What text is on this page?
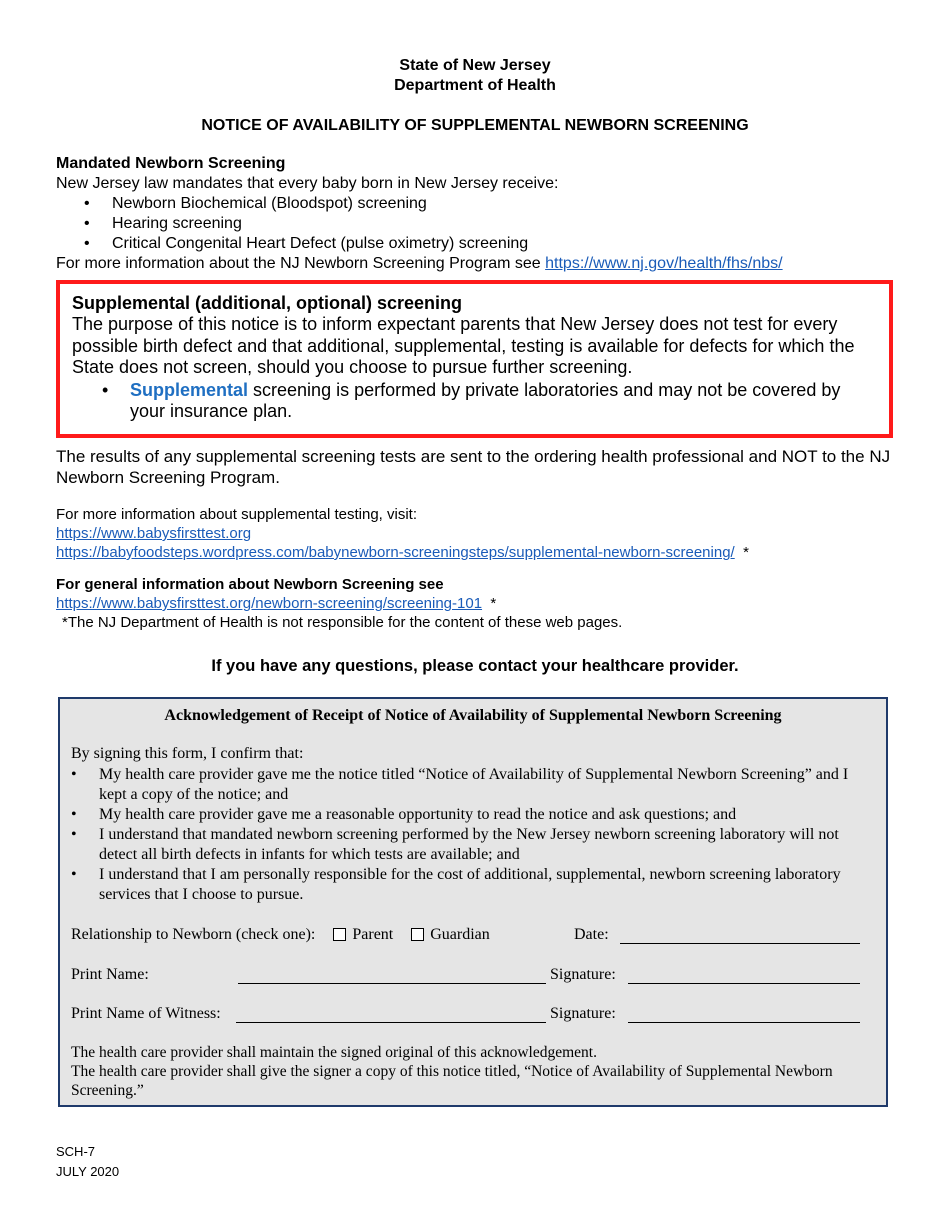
State of New Jersey
Department of Health
NOTICE OF AVAILABILITY OF SUPPLEMENTAL NEWBORN SCREENING
Mandated Newborn Screening
New Jersey law mandates that every baby born in New Jersey receive:
• Newborn Biochemical (Bloodspot) screening
• Hearing screening
• Critical Congenital Heart Defect (pulse oximetry) screening
For more information about the NJ Newborn Screening Program see https://www.nj.gov/health/fhs/nbs/
Supplemental (additional, optional) screening
The purpose of this notice is to inform expectant parents that New Jersey does not test for every possible birth defect and that additional, supplemental, testing is available for defects for which the State does not screen, should you choose to pursue further screening.
• Supplemental screening is performed by private laboratories and may not be covered by your insurance plan.
The results of any supplemental screening tests are sent to the ordering health professional and NOT to the NJ Newborn Screening Program.
For more information about supplemental testing, visit:
https://www.babysfirsttest.org
https://babyfoodsteps.wordpress.com/babynewborn-screeningsteps/supplemental-newborn-screening/ *
For general information about Newborn Screening see
https://www.babysfirsttest.org/newborn-screening/screening-101 *
*The NJ Department of Health is not responsible for the content of these web pages.
If you have any questions, please contact your healthcare provider.
Acknowledgement of Receipt of Notice of Availability of Supplemental Newborn Screening
By signing this form, I confirm that:
• My health care provider gave me the notice titled “Notice of Availability of Supplemental Newborn Screening” and I kept a copy of the notice; and
• My health care provider gave me a reasonable opportunity to read the notice and ask questions; and
• I understand that mandated newborn screening performed by the New Jersey newborn screening laboratory will not detect all birth defects in infants for which tests are available; and
• I understand that I am personally responsible for the cost of additional, supplemental, newborn screening laboratory services that I choose to pursue.
Relationship to Newborn (check one): Parent Guardian	Date:
Print Name:	Signature:
Print Name of Witness:	Signature:
The health care provider shall maintain the signed original of this acknowledgement.
The health care provider shall give the signer a copy of this notice titled, “Notice of Availability of Supplemental Newborn Screening.”
SCH-7
JULY 2020
